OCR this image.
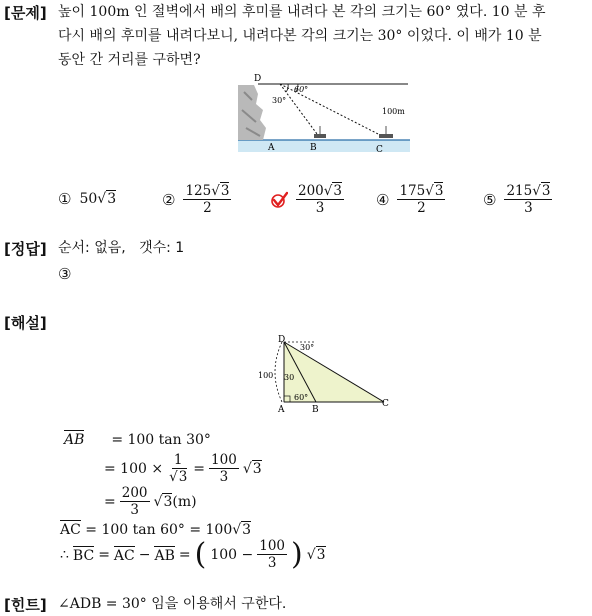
[문제] 높이 100m 인 절벽에서 배의 후미를 내려다 본 각의 크기는 60° 였다. 10 분 후
다시 배의 후미를 내려다보니, 내려다본 각의 크기는 30° 이었다. 이 배가 10 분
동안 간 거리를 구하면?
D
A	B	C
60°
30°
100m
① 50√3	② $\frac{125√3}{2}$	$\frac{200√3}{3}$ ④ $\frac{175√3}{2}$	⑤ $\frac{215√3}{3}$
[정답] 순서: 없음, 갯수: 1
③
[해설]
D
A	B
C
30°
30
60°
100
AB = 100 tan 30°
= $100 \times \frac{1}{√3} = \frac{100}{3} √3$
= $\frac{200}{3} √3(m)$
AC = 100 tan 60° = 100√3
∴ BC = AC − AB = ( $100 - \frac{100}{3}$ ) √3
[힌트] ∠ADB = 30° 임을 이용해서 구한다.
